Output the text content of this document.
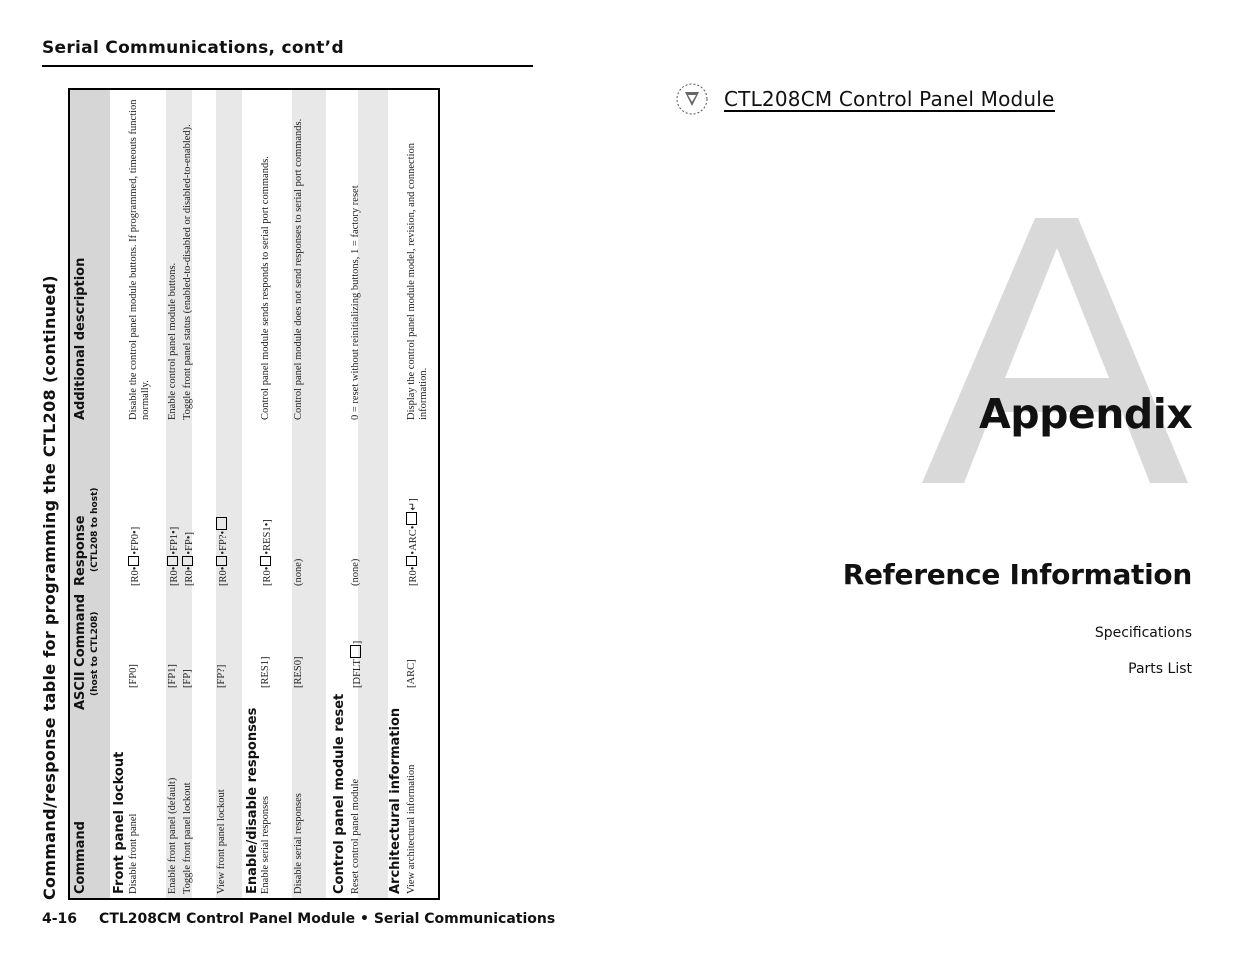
Serial Communications, cont’d
Command/response table for programming the CTL208 (continued) Command
ASCII Command (host to CTL208)
Response (CTL208 to host)
Additional description
Front panel lockout Disable front panel
[FP0]
[R0••FP0•]
Disable the control panel module buttons. If programmed, timeouts function normally.
Enable front panel (default)
[FP1]
[R0••FP1•]
Enable control panel module buttons.
Toggle front panel lockout
[FP]
[R0••FP•]
Toggle front panel status (enabled-to-disabled or disabled-to-enabled).
View front panel lockout
[FP?]
[R0••FP?•
Enable/disable responses Enable serial responses
[RES1]
[R0••RES1•]
Control panel module sends responds to serial port commands.
Disable serial responses
[RES0]
(none)
Control panel module does not send responses to serial port commands.
Control panel module reset Reset control panel module
[DFLT]
(none)
0 = reset without reinitializing buttons, 1 = factory reset
Architectural information View architectural information
[ARC]
[R0••ARC•↵]
Display the control panel module model, revision, and connection information.
4-16 CTL208CM Control Panel Module • Serial Communications
CTL208CM Control Panel Module
Appendix
Reference Information
Specifications
Parts List
